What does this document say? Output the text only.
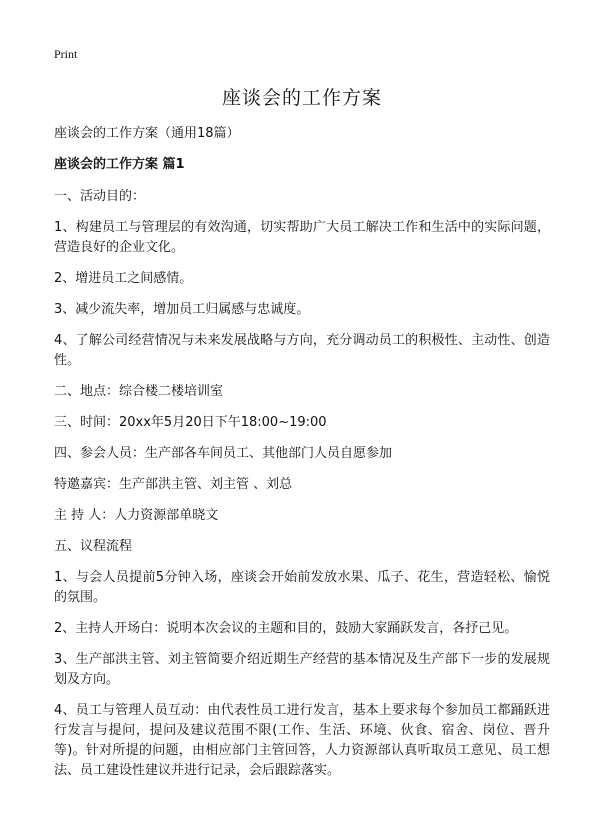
Print
座谈会的工作方案
座谈会的工作方案（通用18篇）
座谈会的工作方案 篇1
一、活动目的：
1、构建员工与管理层的有效沟通，切实帮助广大员工解决工作和生活中的实际问题，营造良好的企业文化。
2、增进员工之间感情。
3、减少流失率，增加员工归属感与忠诚度。
4、了解公司经营情况与未来发展战略与方向，充分调动员工的积极性、主动性、创造性。
二、地点：综合楼二楼培训室
三、时间：20xx年5月20日下午18:00~19:00
四、参会人员：生产部各车间员工、其他部门人员自愿参加
特邀嘉宾：生产部洪主管、刘主管 、刘总
主 持 人：人力资源部单晓文
五、议程流程
1、与会人员提前5分钟入场，座谈会开始前发放水果、瓜子、花生，营造轻松、愉悦的氛围。
2、主持人开场白：说明本次会议的主题和目的，鼓励大家踊跃发言，各抒己见。
3、生产部洪主管、刘主管简要介绍近期生产经营的基本情况及生产部下一步的发展规划及方向。
4、员工与管理人员互动：由代表性员工进行发言，基本上要求每个参加员工都踊跃进行发言与提问，提问及建议范围不限(工作、生活、环境、伙食、宿舍、岗位、晋升等)。针对所提的问题，由相应部门主管回答，人力资源部认真听取员工意见、员工想法、员工建设性建议并进行记录，会后跟踪落实。
